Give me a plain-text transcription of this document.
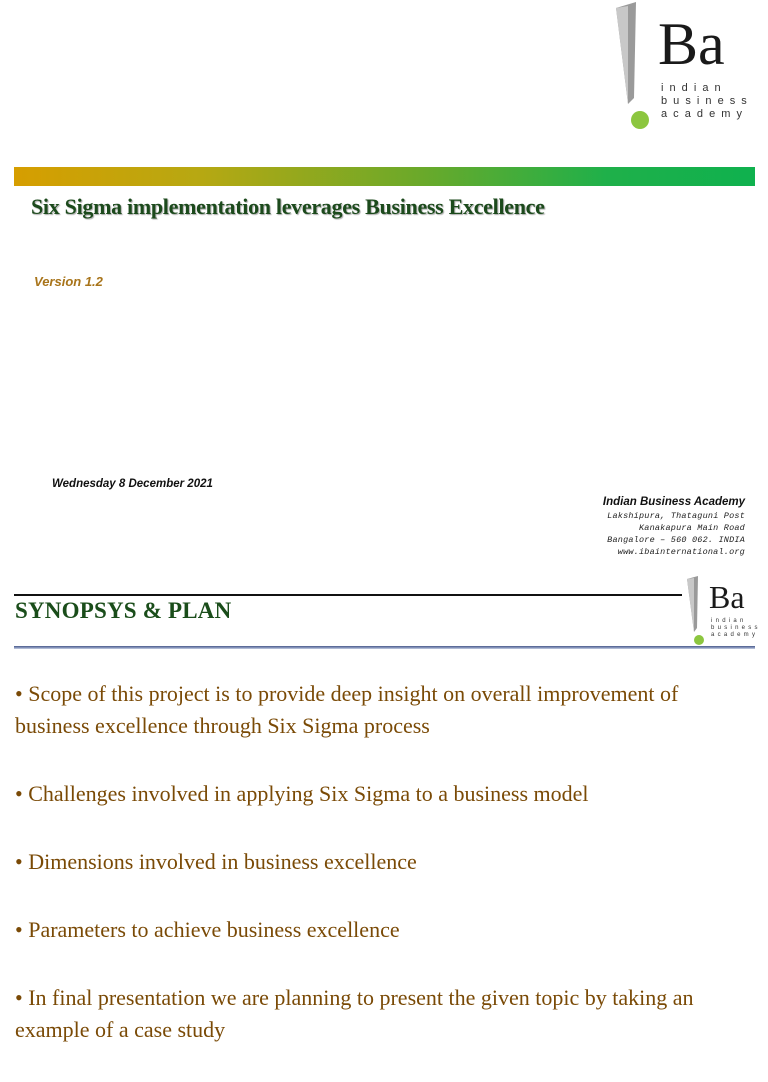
Ba
i n d i a n
b u s i n e s s
a c a d e m y
Six Sigma implementation leverages Business Excellence
Version 1.2
Wednesday 8 December 2021
Indian Business Academy
Lakshipura, Thataguni Post
Kanakapura Main Road
Bangalore – 560 062. INDIA
www.ibainternational.org
Ba
i n d i a n
b u s i n e s s
a c a d e m y
SYNOPSYS & PLAN
• Scope of this project is to provide deep insight on overall improvement of business excellence through Six Sigma process
• Challenges involved in applying Six Sigma to a business model
• Dimensions involved in business excellence
• Parameters to achieve business excellence
• In final presentation we are planning to present the given topic by taking an example of a case study
